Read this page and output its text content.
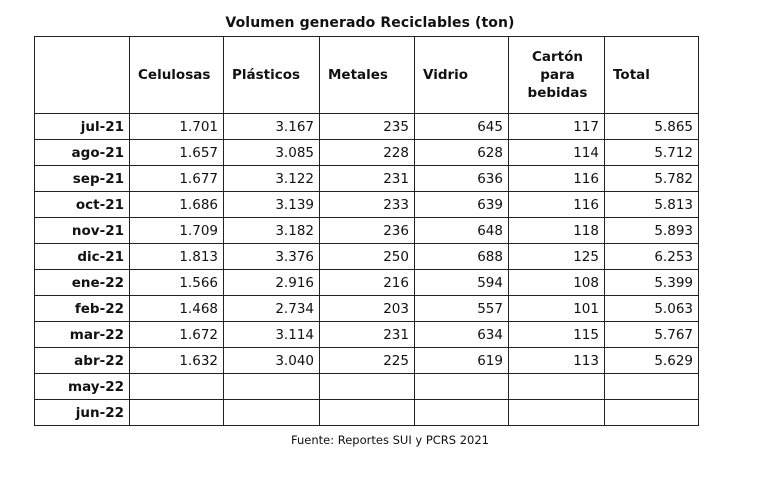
Volumen generado Reciclables (ton)
	Celulosas	Plásticos	Metales	Vidrio	Cartón para bebidas	Total
jul-21	1.701	3.167	235	645	117	5.865
ago-21	1.657	3.085	228	628	114	5.712
sep-21	1.677	3.122	231	636	116	5.782
oct-21	1.686	3.139	233	639	116	5.813
nov-21	1.709	3.182	236	648	118	5.893
dic-21	1.813	3.376	250	688	125	6.253
ene-22	1.566	2.916	216	594	108	5.399
feb-22	1.468	2.734	203	557	101	5.063
mar-22	1.672	3.114	231	634	115	5.767
abr-22	1.632	3.040	225	619	113	5.629
may-22						
jun-22						
Fuente: Reportes SUI y PCRS 2021
